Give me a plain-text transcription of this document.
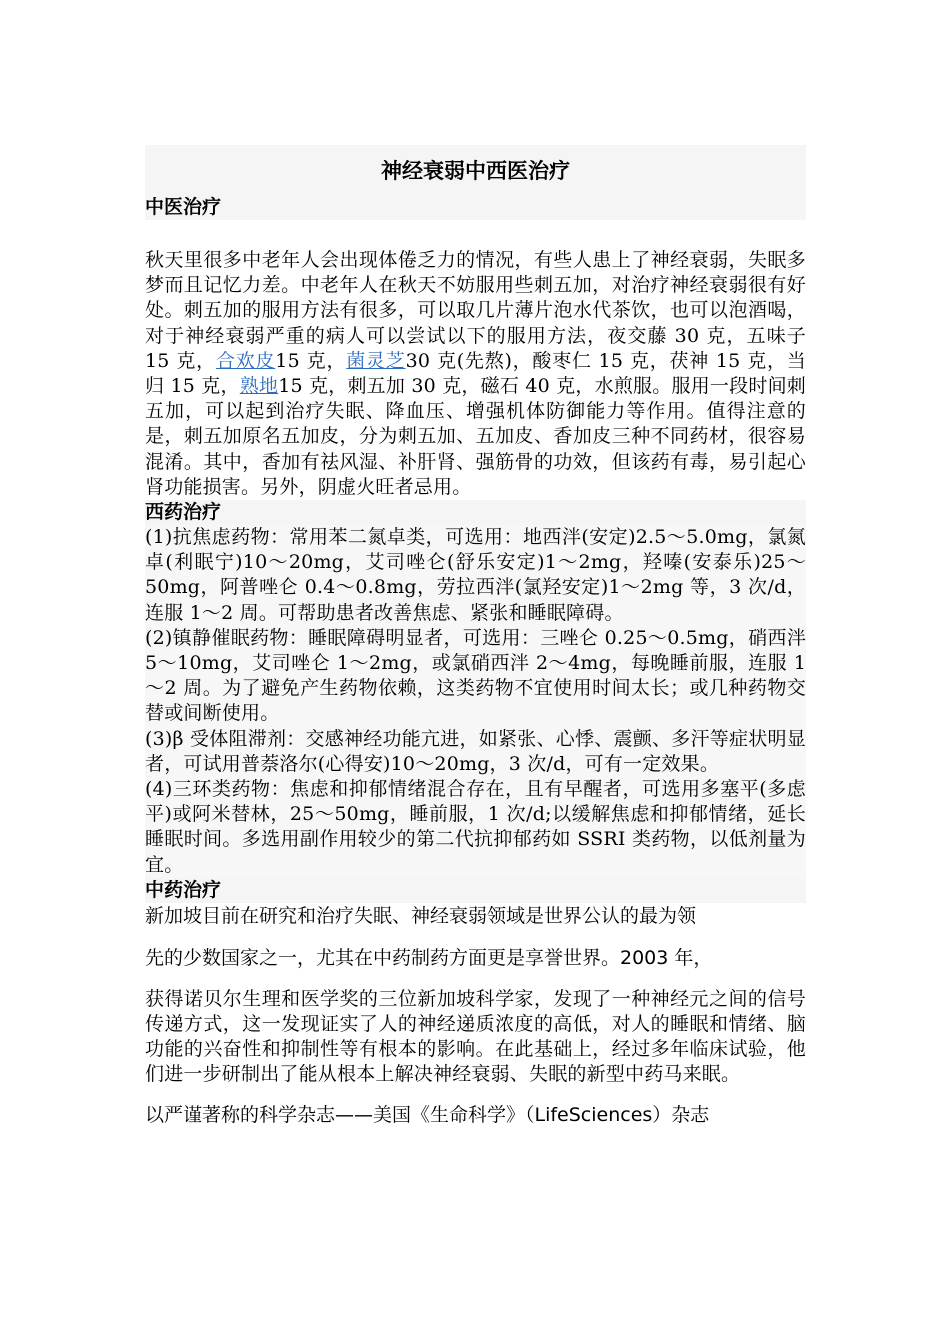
神经衰弱中西医治疗
中医治疗

秋天里很多中老年人会出现体倦乏力的情况，有些人患上了神经衰弱，失眠多梦而且记忆力差。中老年人在秋天不妨服用些刺五加，对治疗神经衰弱很有好处。刺五加的服用方法有很多，可以取几片薄片泡水代茶饮，也可以泡酒喝，对于神经衰弱严重的病人可以尝试以下的服用方法，夜交藤 30 克，五味子 15 克，合欢皮15 克，菌灵芝30 克(先熬)，酸枣仁 15 克，茯神 15 克，当归 15 克，熟地15 克，刺五加 30 克，磁石 40 克，水煎服。服用一段时间刺五加，可以起到治疗失眠、降血压、增强机体防御能力等作用。值得注意的是，刺五加原名五加皮，分为刺五加、五加皮、香加皮三种不同药材，很容易混淆。其中，香加有祛风湿、补肝肾、强筋骨的功效，但该药有毒，易引起心肾功能损害。另外，阴虚火旺者忌用。

西药治疗

(1)抗焦虑药物：常用苯二氮卓类，可选用：地西泮(安定)2.5～5.0mg，氯氮卓(利眠宁)10～20mg，艾司唑仑(舒乐安定)1～2mg，羟嗪(安泰乐)25～50mg，阿普唑仑 0.4～0.8mg，劳拉西泮(氯羟安定)1～2mg 等，3 次/d，连服 1～2 周。可帮助患者改善焦虑、紧张和睡眠障碍。

(2)镇静催眠药物：睡眠障碍明显者，可选用：三唑仑 0.25～0.5mg，硝西泮 5～10mg，艾司唑仑 1～2mg，或氯硝西泮 2～4mg，每晚睡前服，连服 1～2 周。为了避免产生药物依赖，这类药物不宜使用时间太长；或几种药物交替或间断使用。

(3)β 受体阻滞剂：交感神经功能亢进，如紧张、心悸、震颤、多汗等症状明显者，可试用普萘洛尔(心得安)10～20mg，3 次/d，可有一定效果。

(4)三环类药物：焦虑和抑郁情绪混合存在，且有早醒者，可选用多塞平(多虑平)或阿米替林，25～50mg，睡前服，1 次/d;以缓解焦虑和抑郁情绪，延长睡眠时间。多选用副作用较少的第二代抗抑郁药如 SSRI 类药物，以低剂量为宜。

中药治疗

新加坡目前在研究和治疗失眠、神经衰弱领域是世界公认的最为领

先的少数国家之一，尤其在中药制药方面更是享誉世界。2003 年，

获得诺贝尔生理和医学奖的三位新加坡科学家，发现了一种神经元之间的信号传递方式，这一发现证实了人的神经递质浓度的高低，对人的睡眠和情绪、脑功能的兴奋性和抑制性等有根本的影响。在此基础上，经过多年临床试验，他们进一步研制出了能从根本上解决神经衰弱、失眠的新型中药马来眠。

以严谨著称的科学杂志——美国《生命科学》（LifeSciences）杂志
